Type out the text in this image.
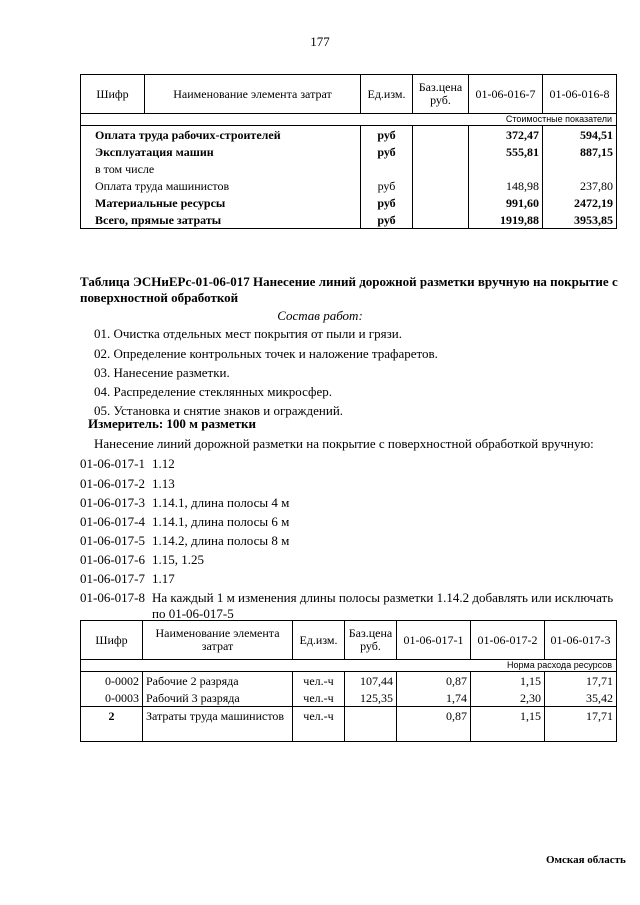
177
Шифр	Наименование элемента затрат	Ед.изм.	Баз.цена руб.	01-06-016-7	01-06-016-8
Стоимостные показатели					
Оплата труда рабочих-строителей		руб		372,47	594,51
Эксплуатация машин		руб		555,81	887,15
в том числе					
Оплата труда машинистов		руб		148,98	237,80
Материальные ресурсы		руб		991,60	2472,19
Всего, прямые затраты		руб		1919,88	3953,85
Таблица ЭСНиЕРс-01-06-017 Нанесение линий дорожной разметки вручную на покрытие с поверхностной обработкой
Состав работ:
01. Очистка отдельных мест покрытия от пыли и грязи.
02. Определение контрольных точек и наложение трафаретов.
03. Нанесение разметки.
04. Распределение стеклянных микросфер.
05. Установка и снятие знаков и ограждений.
Измеритель: 100 м разметки
Нанесение линий дорожной разметки на покрытие с поверхностной обработкой вручную:
01-06-017-1 1.12
01-06-017-2 1.13
01-06-017-3 1.14.1, длина полосы 4 м
01-06-017-4 1.14.1, длина полосы 6 м
01-06-017-5 1.14.2, длина полосы 8 м
01-06-017-6 1.15, 1.25
01-06-017-7 1.17
01-06-017-8 На каждый 1 м изменения длины полосы разметки 1.14.2 добавлять или исключать
по 01-06-017-5
Шифр	Наименование элемента затрат	Ед.изм.	Баз.цена руб.	01-06-017-1	01-06-017-2	01-06-017-3
Норма расхода ресурсов						
0-0002	Рабочие 2 разряда	чел.-ч	107,44	0,87	1,15	17,71
0-0003	Рабочий 3 разряда	чел.-ч	125,35	1,74	2,30	35,42
2	Затраты труда машинистов	чел.-ч		0,87	1,15	17,71
Омская область
